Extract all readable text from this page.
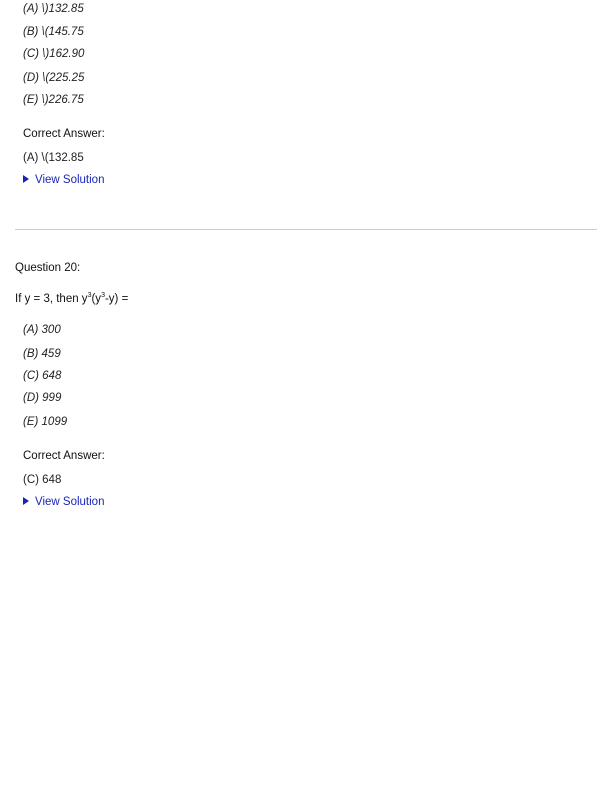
(A) \)132.85
(B) \(145.75
(C) \)162.90
(D) \(225.25
(E) \)226.75
Correct Answer:
(A) \(132.85
View Solution
Question 20:
If y = 3, then $y^3(y^3-y)$ =
(A) 300
(B) 459
(C) 648
(D) 999
(E) 1099
Correct Answer:
(C) 648
View Solution
